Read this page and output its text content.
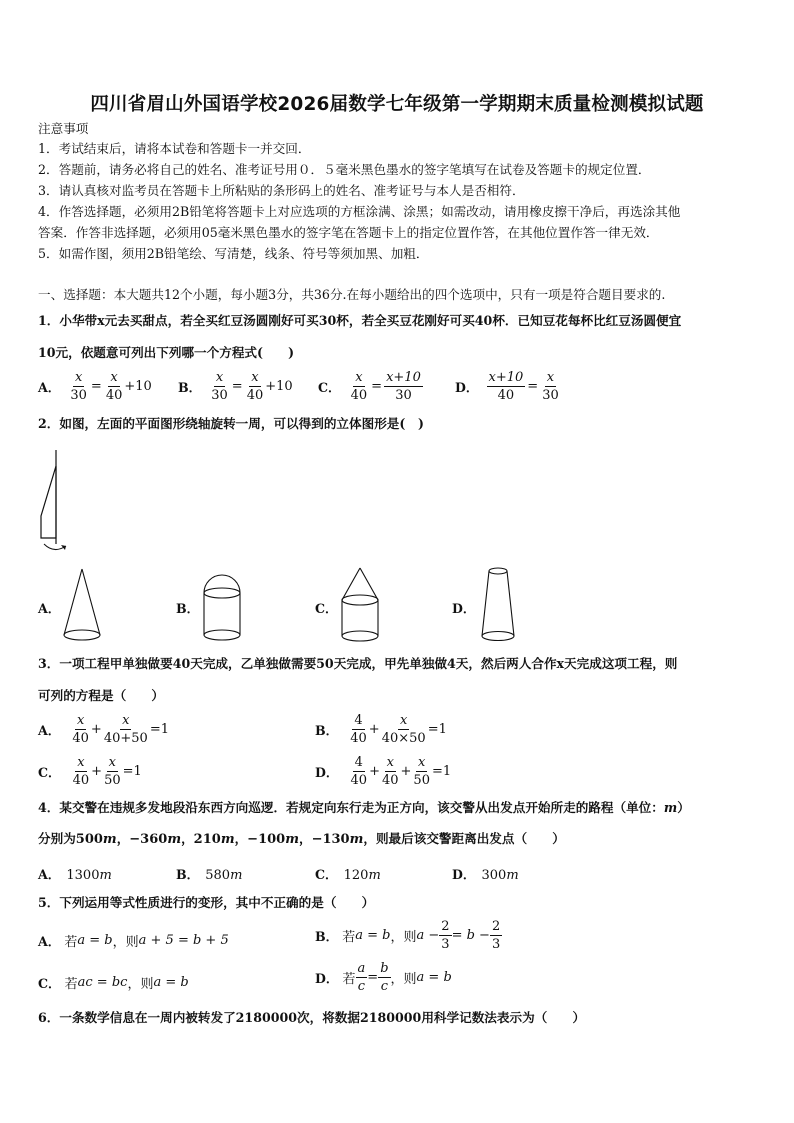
四川省眉山外国语学校2026届数学七年级第一学期期末质量检测模拟试题
注意事项
1．考试结束后，请将本试卷和答题卡一并交回．
2．答题前，请务必将自己的姓名、准考证号用０．５毫米黑色墨水的签字笔填写在试卷及答题卡的规定位置．
3．请认真核对监考员在答题卡上所粘贴的条形码上的姓名、准考证号与本人是否相符．
4．作答选择题，必须用2B铅笔将答题卡上对应选项的方框涂满、涂黑；如需改动，请用橡皮擦干净后，再选涂其他
答案．作答非选择题，必须用05毫米黑色墨水的签字笔在答题卡上的指定位置作答，在其他位置作答一律无效．
5．如需作图，须用2B铅笔绘、写清楚，线条、符号等须加黑、加粗．
一、选择题：本大题共12个小题，每小题3分，共36分.在每小题给出的四个选项中，只有一项是符合题目要求的.
1．小华带x元去买甜点，若全买红豆汤圆刚好可买30杯，若全买豆花刚好可买40杯．已知豆花每杯比红豆汤圆便宜
10元，依题意可列出下列哪一个方程式(　　)
A． $\frac{x}{30} = \frac{x}{40} +10$ B． $\frac{x}{30} = \frac{x}{40} +10$ C． $\frac{x}{40} = \frac{x+10}{30}$	D． $\frac{x+10}{40} = \frac{x}{30}$
2．如图，左面的平面图形绕轴旋转一周，可以得到的立体图形是(　)
A．	B．	C．	D．
3．一项工程甲单独做要40天完成，乙单独做需要50天完成，甲先单独做4天，然后两人合作x天完成这项工程，则
可列的方程是（　　）
A． $\frac{x}{40} + \frac{x}{40+50} =1$	B． $\frac{4}{40} + \frac{x}{40\times 50} =1$
C． $\frac{x}{40} + \frac{x}{50} =1$	D． $\frac{4}{40} + \frac{x}{40} + \frac{x}{50} =1$
4．某交警在违规多发地段沿东西方向巡逻．若规定向东行走为正方向，该交警从出发点开始所走的路程（单位：m）
分别为500m，−360m，210m，−100m，−130m，则最后该交警距离出发点（　　）
A． 1300m	B． 580m	C． 120m	D． 300m
5．下列运用等式性质进行的变形，其中不正确的是（　　）
A． 若 a = b ，则 a + 5 = b + 5	B． 若 a = b ，则 $a - \frac{2}{3} = b - \frac{2}{3}$
C． 若 ac = bc ，则 a = b	D． 若 $\frac{a}{c} = \frac{b}{c}$ ，则 a = b
6．一条数学信息在一周内被转发了2180000次，将数据2180000用科学记数法表示为（　　）
